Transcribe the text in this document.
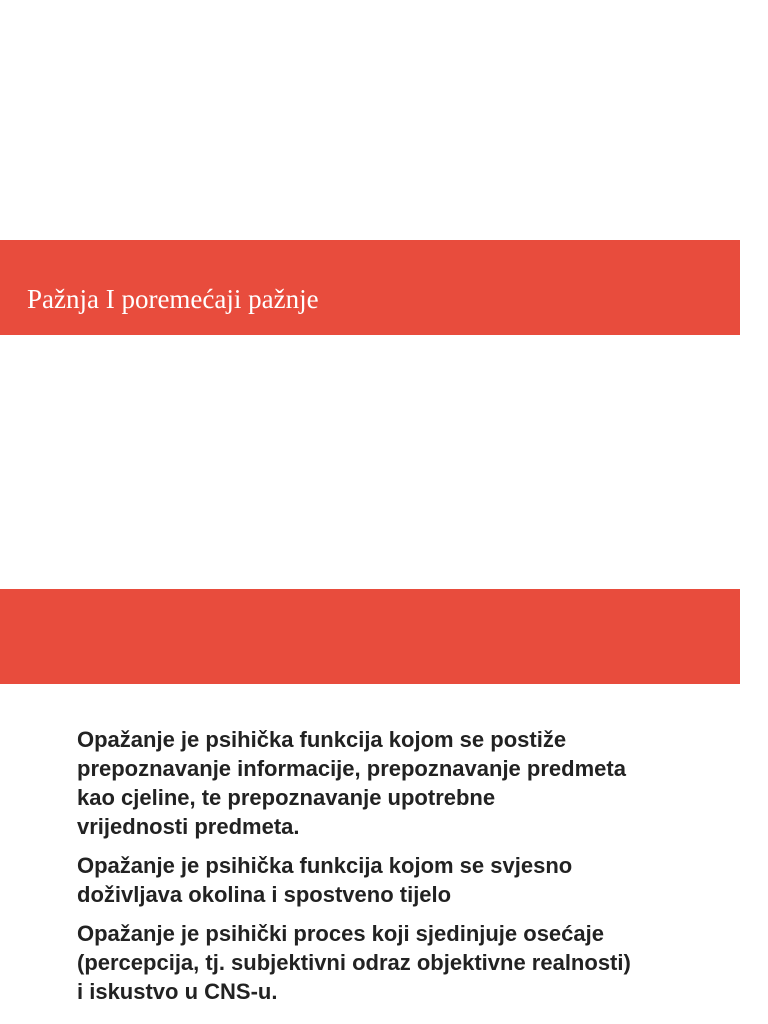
Pažnja I poremećaji pažnje

Opažanje je psihička funkcija kojom se postiže
prepoznavanje informacije, prepoznavanje predmeta
kao cjeline, te prepoznavanje upotrebne
vrijednosti predmeta.

Opažanje je psihička funkcija kojom se svjesno
doživljava okolina i spostveno tijelo

Opažanje je psihički proces koji sjedinjuje osećaje
(percepcija, tj. subjektivni odraz objektivne realnosti)
i iskustvo u CNS-u.
